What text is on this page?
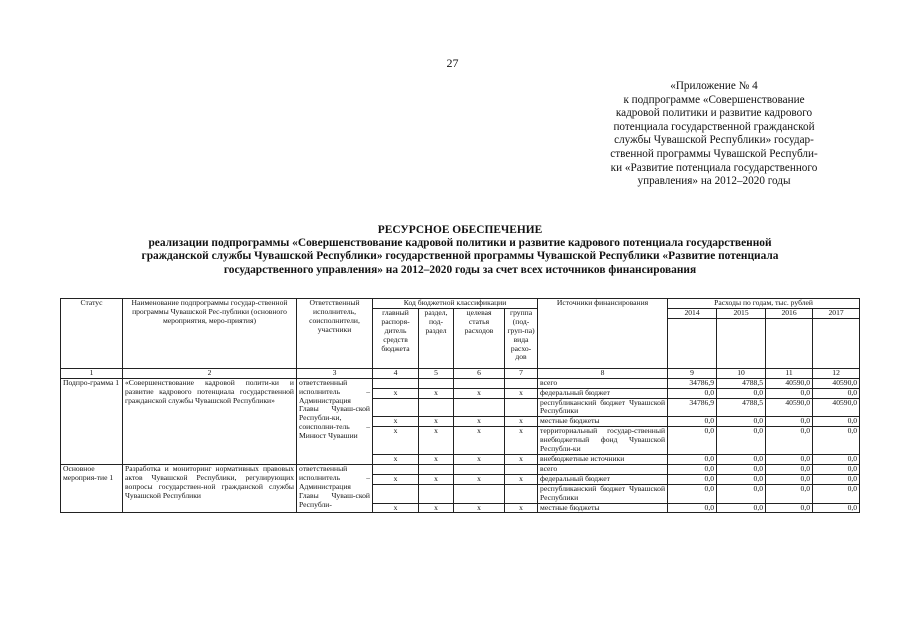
27
«Приложение № 4
к подпрограмме «Совершенствование
кадровой политики и развитие кадрового
потенциала государственной гражданской
службы Чувашской Республики» государ-
ственной программы Чувашской Республи-
ки «Развитие потенциала государственного
управления» на 2012–2020 годы
РЕСУРСНОЕ ОБЕСПЕЧЕНИЕ
реализации подпрограммы «Совершенствование кадровой политики и развитие кадрового потенциала государственной
гражданской службы Чувашской Республики» государственной программы Чувашской Республики «Развитие потенциала
государственного управления» на 2012–2020 годы за счет всех источников финансирования
Статус	Наименование подпрограммы государ-ственной программы Чувашской Рес-публики (основного мероприятия, меро-приятия)	Ответственный исполнитель, соисполнители, участники	Код бюджетной классификации				Источники финансирования	Расходы по годам, тыс. рублей			
			главный распоря-дитель средств бюджета	раздел, под-раздел	целевая статья расходов	группа (под-груп-па) вида расхо-дов		2014	2015	2016	2017

1	2	3	4	5	6	7	8	9	10	11	12
Подпро-грамма 1	«Совершенствование кадровой полити-ки и развитие кадрового потенциала государственной гражданской службы Чувашской Республики»	ответственный исполнитель – Администрация Главы Чуваш-ской Республи-ки, соисполни-тель – Минюст Чувашии					всего	34786,9	4788,5	40590,0	40590,0
			x	x	x	x	федеральный бюджет	0,0	0,0	0,0	0,0
							республиканский бюджет Чувашской Республики	34786,9	4788,5	40590,0	40590,0
			x	x	x	x	местные бюджеты	0,0	0,0	0,0	0,0
			x	x	x	x	территориальный государ-ственный внебюджетный фонд Чувашской Республи-ки	0,0	0,0	0,0	0,0
			x	x	x	x	внебюджетные источники	0,0	0,0	0,0	0,0
Основное мероприя-тие 1	Разработка и мониторинг нормативных правовых актов Чувашской Республики, регулирующих вопросы государствен-ной гражданской службы Чувашской Республики	ответственный исполнитель – Администрация Главы Чуваш-ской Республи-					всего	0,0	0,0	0,0	0,0
			x	x	x	x	федеральный бюджет	0,0	0,0	0,0	0,0
							республиканский бюджет Чувашской Республики	0,0	0,0	0,0	0,0
			x	x	x	x	местные бюджеты	0,0	0,0	0,0	0,0
